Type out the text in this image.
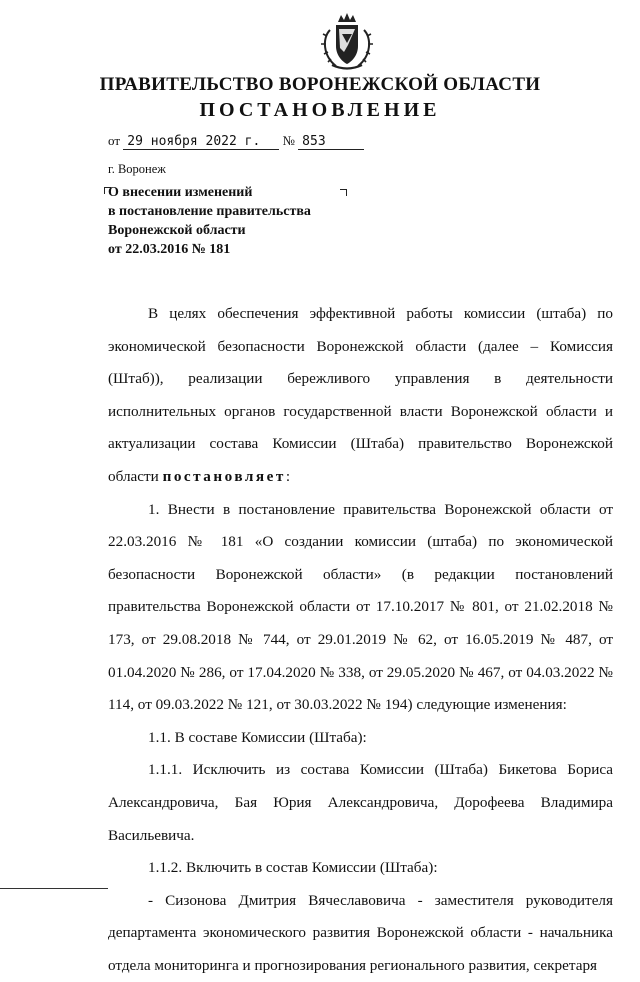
ПРАВИТЕЛЬСТВО ВОРОНЕЖСКОЙ ОБЛАСТИ
ПОСТАНОВЛЕНИЕ
от 29 ноября 2022 г. № 853
г. Воронеж
О внесении изменений
в постановление правительства
Воронежской области
от 22.03.2016 № 181

В целях обеспечения эффективной работы комиссии (штаба) по экономической безопасности Воронежской области (далее – Комиссия (Штаб)), реализации бережливого управления в деятельности исполнительных органов государственной власти Воронежской области и актуализации состава Комиссии (Штаба) правительство Воронежской области постановляет:

1. Внести в постановление правительства Воронежской области от 22.03.2016 № 181 «О создании комиссии (штаба) по экономической безопасности Воронежской области» (в редакции постановлений правительства Воронежской области от 17.10.2017 № 801, от 21.02.2018 № 173, от 29.08.2018 № 744, от 29.01.2019 № 62, от 16.05.2019 № 487, от 01.04.2020 № 286, от 17.04.2020 № 338, от 29.05.2020 № 467, от 04.03.2022 № 114, от 09.03.2022 № 121, от 30.03.2022 № 194) следующие изменения:

1.1. В составе Комиссии (Штаба):

1.1.1. Исключить из состава Комиссии (Штаба) Бикетова Бориса Александровича, Бая Юрия Александровича, Дорофеева Владимира Васильевича.

1.1.2. Включить в состав Комиссии (Штаба):

- Сизонова Дмитрия Вячеславовича - заместителя руководителя департамента экономического развития Воронежской области - начальника отдела мониторинга и прогнозирования регионального развития, секретаря
